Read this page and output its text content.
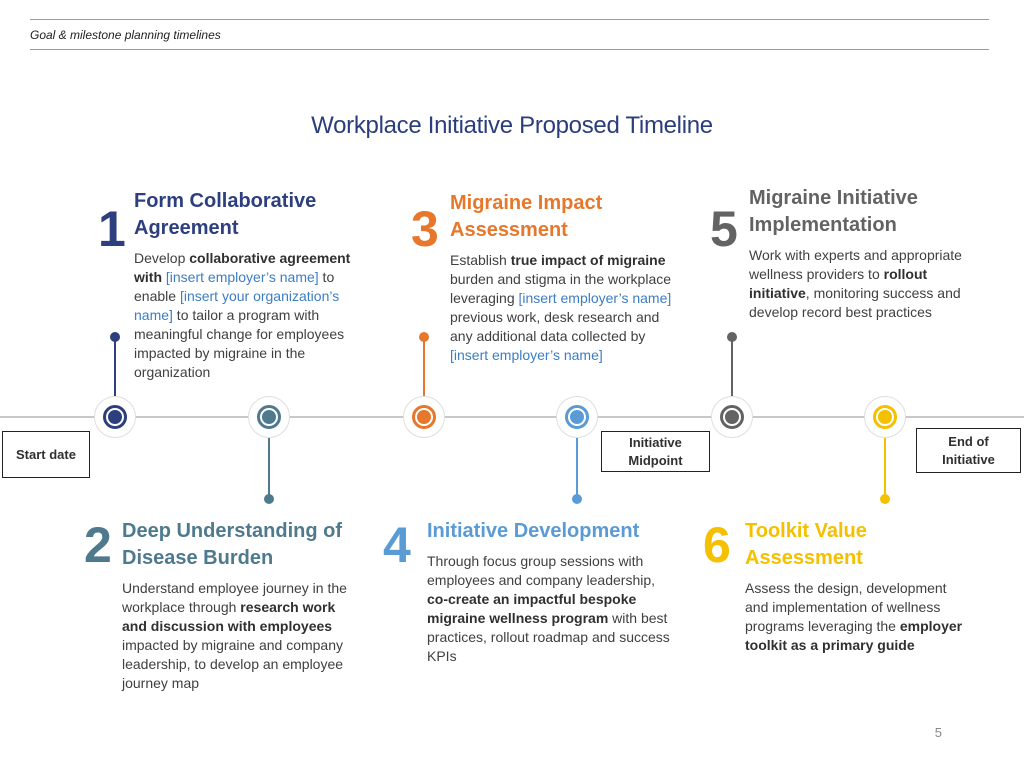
Goal & milestone planning timelines
Workplace Initiative Proposed Timeline
Start date
Initiative
Midpoint
End of
Initiative
1 Form Collaborative
Agreement
Develop collaborative agreement with [insert employer’s name] to enable [insert your organization’s name] to tailor a program with meaningful change for employees impacted by migraine in the organization
2 Deep Understanding of
Disease Burden
Understand employee journey in the workplace through research work and discussion with employees impacted by migraine and company leadership, to develop an employee journey map
3 Migraine Impact
Assessment
Establish true impact of migraine burden and stigma in the workplace leveraging [insert employer’s name] previous work, desk research and any additional data collected by [insert employer’s name]
4 Initiative Development
Through focus group sessions with employees and company leadership, co-create an impactful bespoke migraine wellness program with best practices, rollout roadmap and success KPIs
5
Migraine Initiative
Implementation
Work with experts and appropriate wellness providers to rollout initiative, monitoring success and develop record best practices
6 Toolkit Value
Assessment
Assess the design, development and implementation of wellness programs leveraging the employer toolkit as a primary guide
5
